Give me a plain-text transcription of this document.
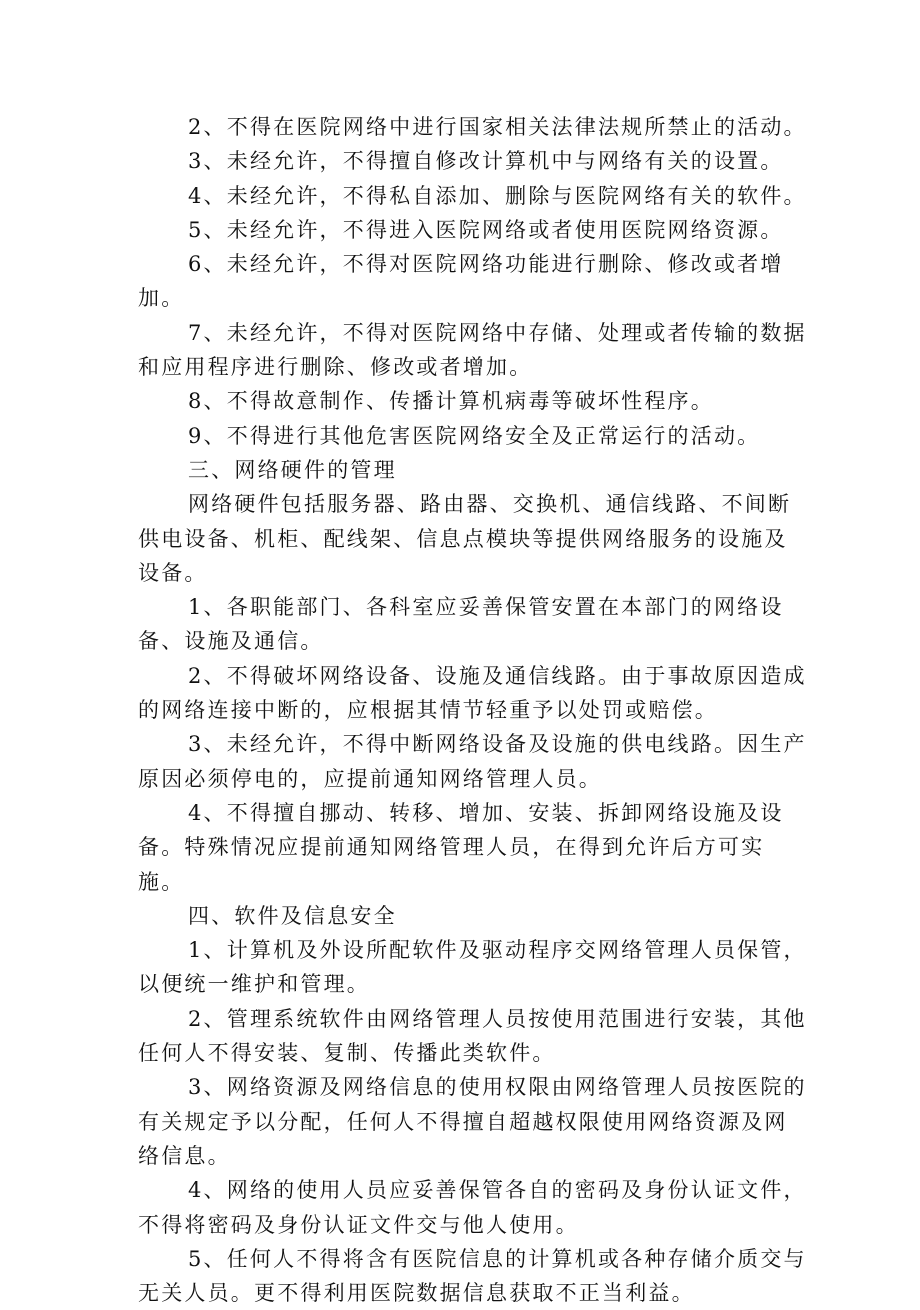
2、不得在医院网络中进行国家相关法律法规所禁止的活动。

3、未经允许，不得擅自修改计算机中与网络有关的设置。

4、未经允许，不得私自添加、删除与医院网络有关的软件。

5、未经允许，不得进入医院网络或者使用医院网络资源。

6、未经允许，不得对医院网络功能进行删除、修改或者增加。

7、未经允许，不得对医院网络中存储、处理或者传输的数据和应用程序进行删除、修改或者增加。

8、不得故意制作、传播计算机病毒等破坏性程序。

9、不得进行其他危害医院网络安全及正常运行的活动。

三、网络硬件的管理

网络硬件包括服务器、路由器、交换机、通信线路、不间断供电设备、机柜、配线架、信息点模块等提供网络服务的设施及设备。

1、各职能部门、各科室应妥善保管安置在本部门的网络设备、设施及通信。

2、不得破坏网络设备、设施及通信线路。由于事故原因造成的网络连接中断的，应根据其情节轻重予以处罚或赔偿。

3、未经允许，不得中断网络设备及设施的供电线路。因生产原因必须停电的，应提前通知网络管理人员。

4、不得擅自挪动、转移、增加、安装、拆卸网络设施及设备。特殊情况应提前通知网络管理人员，在得到允许后方可实施。

四、软件及信息安全

1、计算机及外设所配软件及驱动程序交网络管理人员保管，以便统一维护和管理。

2、管理系统软件由网络管理人员按使用范围进行安装，其他任何人不得安装、复制、传播此类软件。

3、网络资源及网络信息的使用权限由网络管理人员按医院的有关规定予以分配，任何人不得擅自超越权限使用网络资源及网络信息。

4、网络的使用人员应妥善保管各自的密码及身份认证文件，不得将密码及身份认证文件交与他人使用。

5、任何人不得将含有医院信息的计算机或各种存储介质交与无关人员。更不得利用医院数据信息获取不正当利益。
